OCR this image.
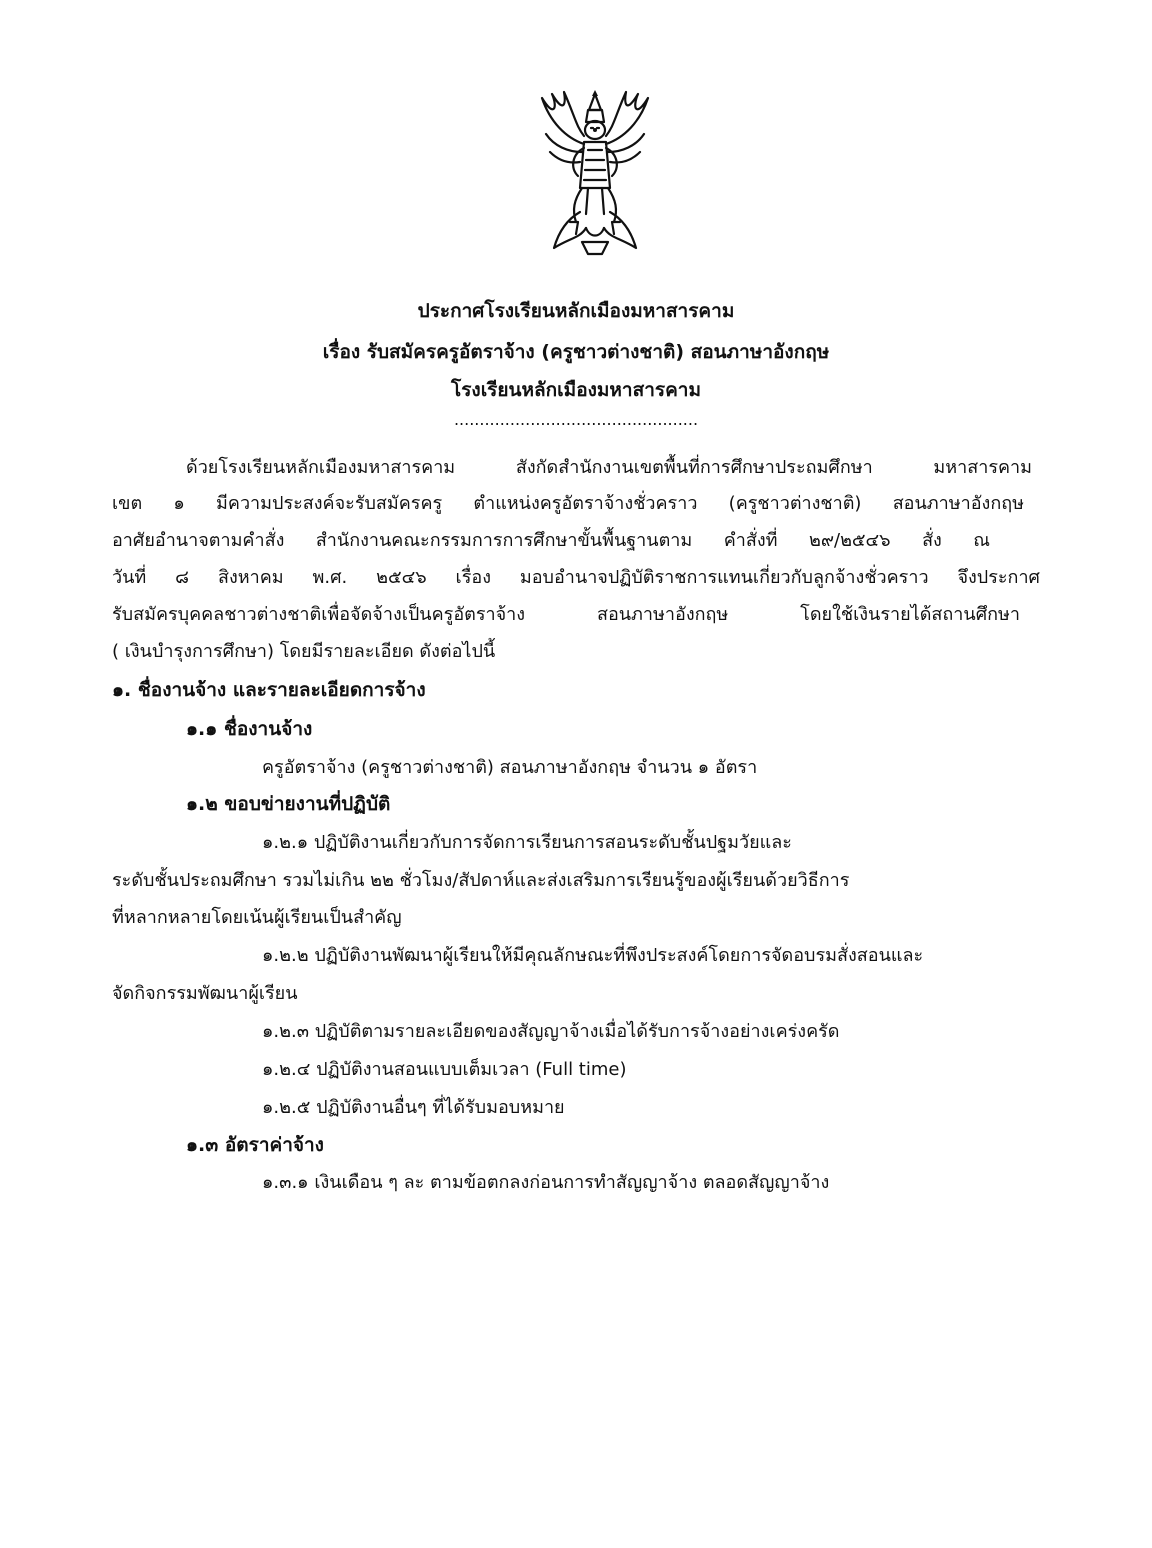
ประกาศโรงเรียนหลักเมืองมหาสารคาม
เรื่อง รับสมัครครูอัตราจ้าง (ครูชาวต่างชาติ) สอนภาษาอังกฤษ
โรงเรียนหลักเมืองมหาสารคาม
................................................
ด้วยโรงเรียนหลักเมืองมหาสารคาม สังกัดสำนักงานเขตพื้นที่การศึกษาประถมศึกษา มหาสารคาม
เขต ๑ มีความประสงค์จะรับสมัครครู ตำแหน่งครูอัตราจ้างชั่วคราว (ครูชาวต่างชาติ) สอนภาษาอังกฤษ
อาศัยอำนาจตามคำสั่ง สำนักงานคณะกรรมการการศึกษาขั้นพื้นฐานตาม คำสั่งที่ ๒๙/๒๕๔๖ สั่ง ณ
วันที่ ๘ สิงหาคม พ.ศ. ๒๕๔๖ เรื่อง มอบอำนาจปฏิบัติราชการแทนเกี่ยวกับลูกจ้างชั่วคราว จึงประกาศ
รับสมัครบุคคลชาวต่างชาติเพื่อจัดจ้างเป็นครูอัตราจ้าง สอนภาษาอังกฤษ โดยใช้เงินรายได้สถานศึกษา
( เงินบำรุงการศึกษา) โดยมีรายละเอียด ดังต่อไปนี้
๑. ชื่องานจ้าง และรายละเอียดการจ้าง
๑.๑ ชื่องานจ้าง
ครูอัตราจ้าง (ครูชาวต่างชาติ) สอนภาษาอังกฤษ จำนวน ๑ อัตรา
๑.๒ ขอบข่ายงานที่ปฏิบัติ
๑.๒.๑ ปฏิบัติงานเกี่ยวกับการจัดการเรียนการสอนระดับชั้นปฐมวัยและ
ระดับชั้นประถมศึกษา รวมไม่เกิน ๒๒ ชั่วโมง/สัปดาห์และส่งเสริมการเรียนรู้ของผู้เรียนด้วยวิธีการ
ที่หลากหลายโดยเน้นผู้เรียนเป็นสำคัญ
๑.๒.๒ ปฏิบัติงานพัฒนาผู้เรียนให้มีคุณลักษณะที่พึงประสงค์โดยการจัดอบรมสั่งสอนและ
จัดกิจกรรมพัฒนาผู้เรียน
๑.๒.๓ ปฏิบัติตามรายละเอียดของสัญญาจ้างเมื่อได้รับการจ้างอย่างเคร่งครัด
๑.๒.๔ ปฏิบัติงานสอนแบบเต็มเวลา (Full time)
๑.๒.๕ ปฏิบัติงานอื่นๆ ที่ได้รับมอบหมาย
๑.๓ อัตราค่าจ้าง
๑.๓.๑ เงินเดือน ๆ ละ ตามข้อตกลงก่อนการทำสัญญาจ้าง ตลอดสัญญาจ้าง
